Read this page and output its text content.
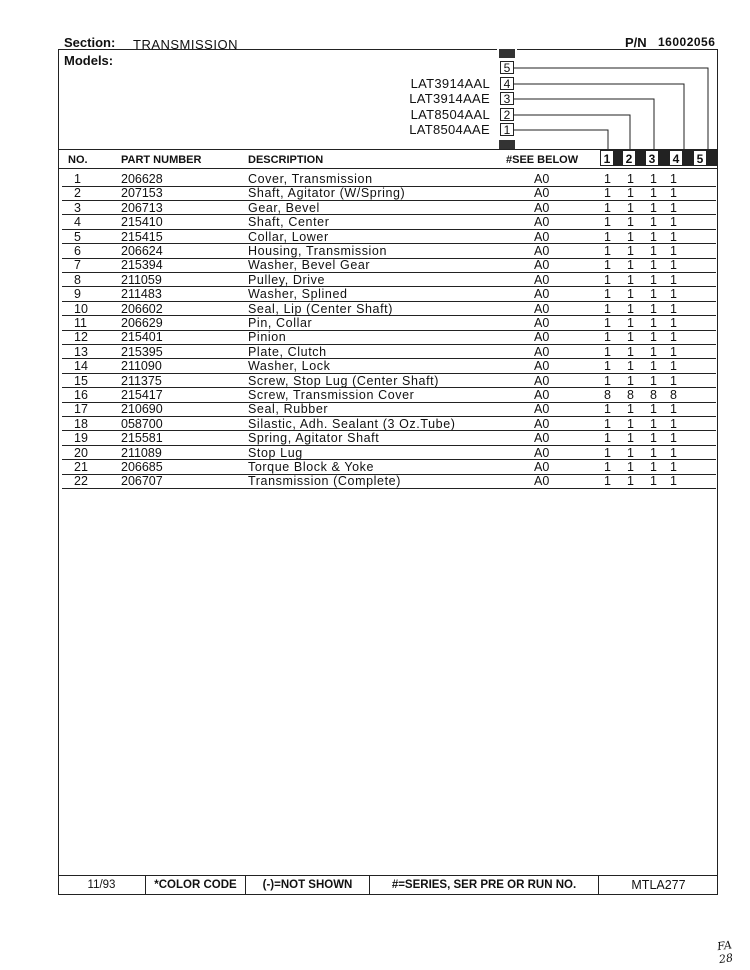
Section: TRANSMISSION	P/N 16002056
Models:	5
4
LAT3914AAL
3
LAT3914AAE
2
LAT8504AAL
1
LAT8504AAE
NO.	PART NUMBER	DESCRIPTION	#SEE BELOW	1	2	3	4	5
1	206628	Cover, Transmission	A0	1 1 1 1
2	207153	Shaft, Agitator (W/Spring)	A0	1 1 1 1
3	206713	Gear, Bevel	A0	1 1 1 1
4	215410	Shaft, Center	A0	1 1 1 1
5	215415	Collar, Lower	A0	1 1 1 1
6	206624	Housing, Transmission	A0	1 1 1 1
7	215394	Washer, Bevel Gear	A0	1 1 1 1
8	211059	Pulley, Drive	A0	1 1 1 1
9	211483	Washer, Splined	A0	1 1 1 1
10	206602	Seal, Lip (Center Shaft)	A0	1 1 1 1
11	206629	Pin, Collar	A0	1 1 1 1
12	215401	Pinion	A0	1 1 1 1
13	215395	Plate, Clutch	A0	1 1 1 1
14	211090	Washer, Lock	A0	1 1 1 1
15	211375	Screw, Stop Lug (Center Shaft)	A0	1 1 1 1
16	215417	Screw, Transmission Cover	A0	8 8 8 8
17	210690	Seal, Rubber	A0	1 1 1 1
18	058700	Silastic, Adh. Sealant (3 Oz.Tube)	A0	1 1 1 1
19	215581	Spring, Agitator Shaft	A0	1 1 1 1
20	211089	Stop Lug	A0	1 1 1 1
21	206685	Torque Block & Yoke	A0	1 1 1 1
22	206707	Transmission (Complete)	A0	1 1 1 1
11/93	*COLOR CODE	(-)=NOT SHOWN	#=SERIES, SER PRE OR RUN NO.	MTLA277
FA 28
